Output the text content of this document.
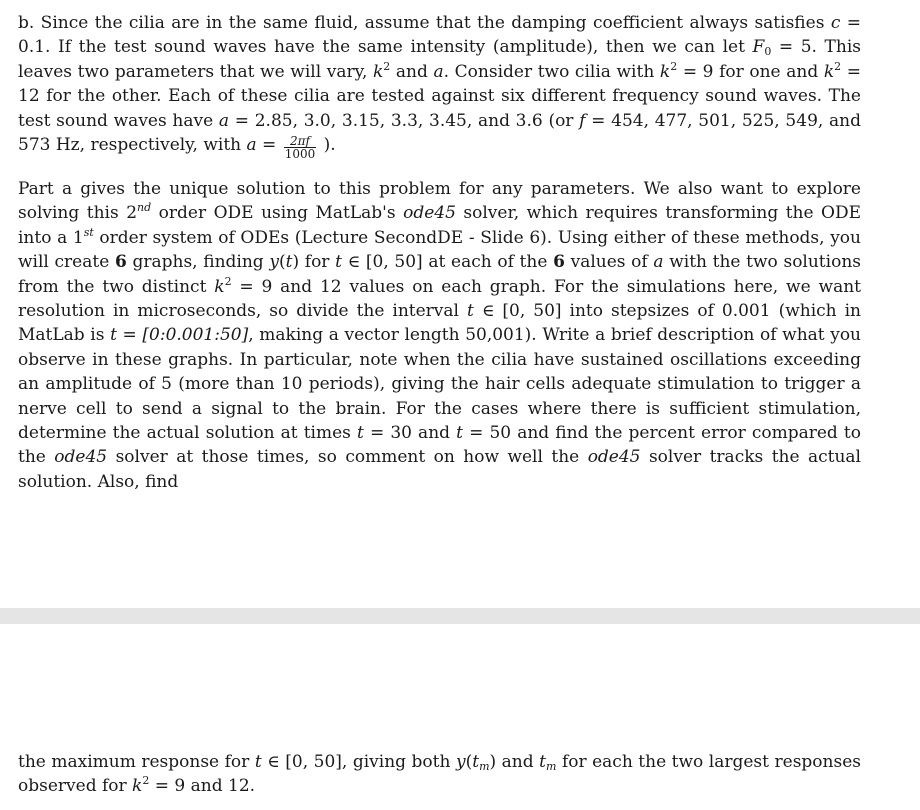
b. Since the cilia are in the same fluid, assume that the damping coefficient always satisfies c = 0.1. If the test sound waves have the same intensity (amplitude), then we can let $F_0 = 5$. This leaves two parameters that we will vary, $k^2$ and a. Consider two cilia with $k^2 = 9$ for one and $k^2 = 12$ for the other. Each of these cilia are tested against six different frequency sound waves. The test sound waves have a = 2.85, 3.0, 3.15, 3.3, 3.45, and 3.6 (or f = 454, 477, 501, 525, 549, and 573 Hz, respectively, with $a = \frac{2\pi f}{1000}$ ).

Part a gives the unique solution to this problem for any parameters. We also want to explore solving this 2nd order ODE using MatLab's ode45 solver, which requires transforming the ODE into a 1st order system of ODEs (Lecture SecondDE - Slide 6). Using either of these methods, you will create 6 graphs, finding y(t) for t ∈ [0, 50] at each of the 6 values of a with the two solutions from the two distinct $k^2 = 9$ and 12 values on each graph. For the simulations here, we want resolution in microseconds, so divide the interval t ∈ [0, 50] into stepsizes of 0.001 (which in MatLab is t = [0:0.001:50], making a vector length 50,001). Write a brief description of what you observe in these graphs. In particular, note when the cilia have sustained oscillations exceeding an amplitude of 5 (more than 10 periods), giving the hair cells adequate stimulation to trigger a nerve cell to send a signal to the brain. For the cases where there is sufficient stimulation, determine the actual solution at times t = 30 and t = 50 and find the percent error compared to the ode45 solver at those times, so comment on how well the ode45 solver tracks the actual solution. Also, find

the maximum response for t ∈ [0, 50], giving both $y(t_m)$ and $t_m$ for each the two largest responses observed for $k^2 = 9$ and 12.
